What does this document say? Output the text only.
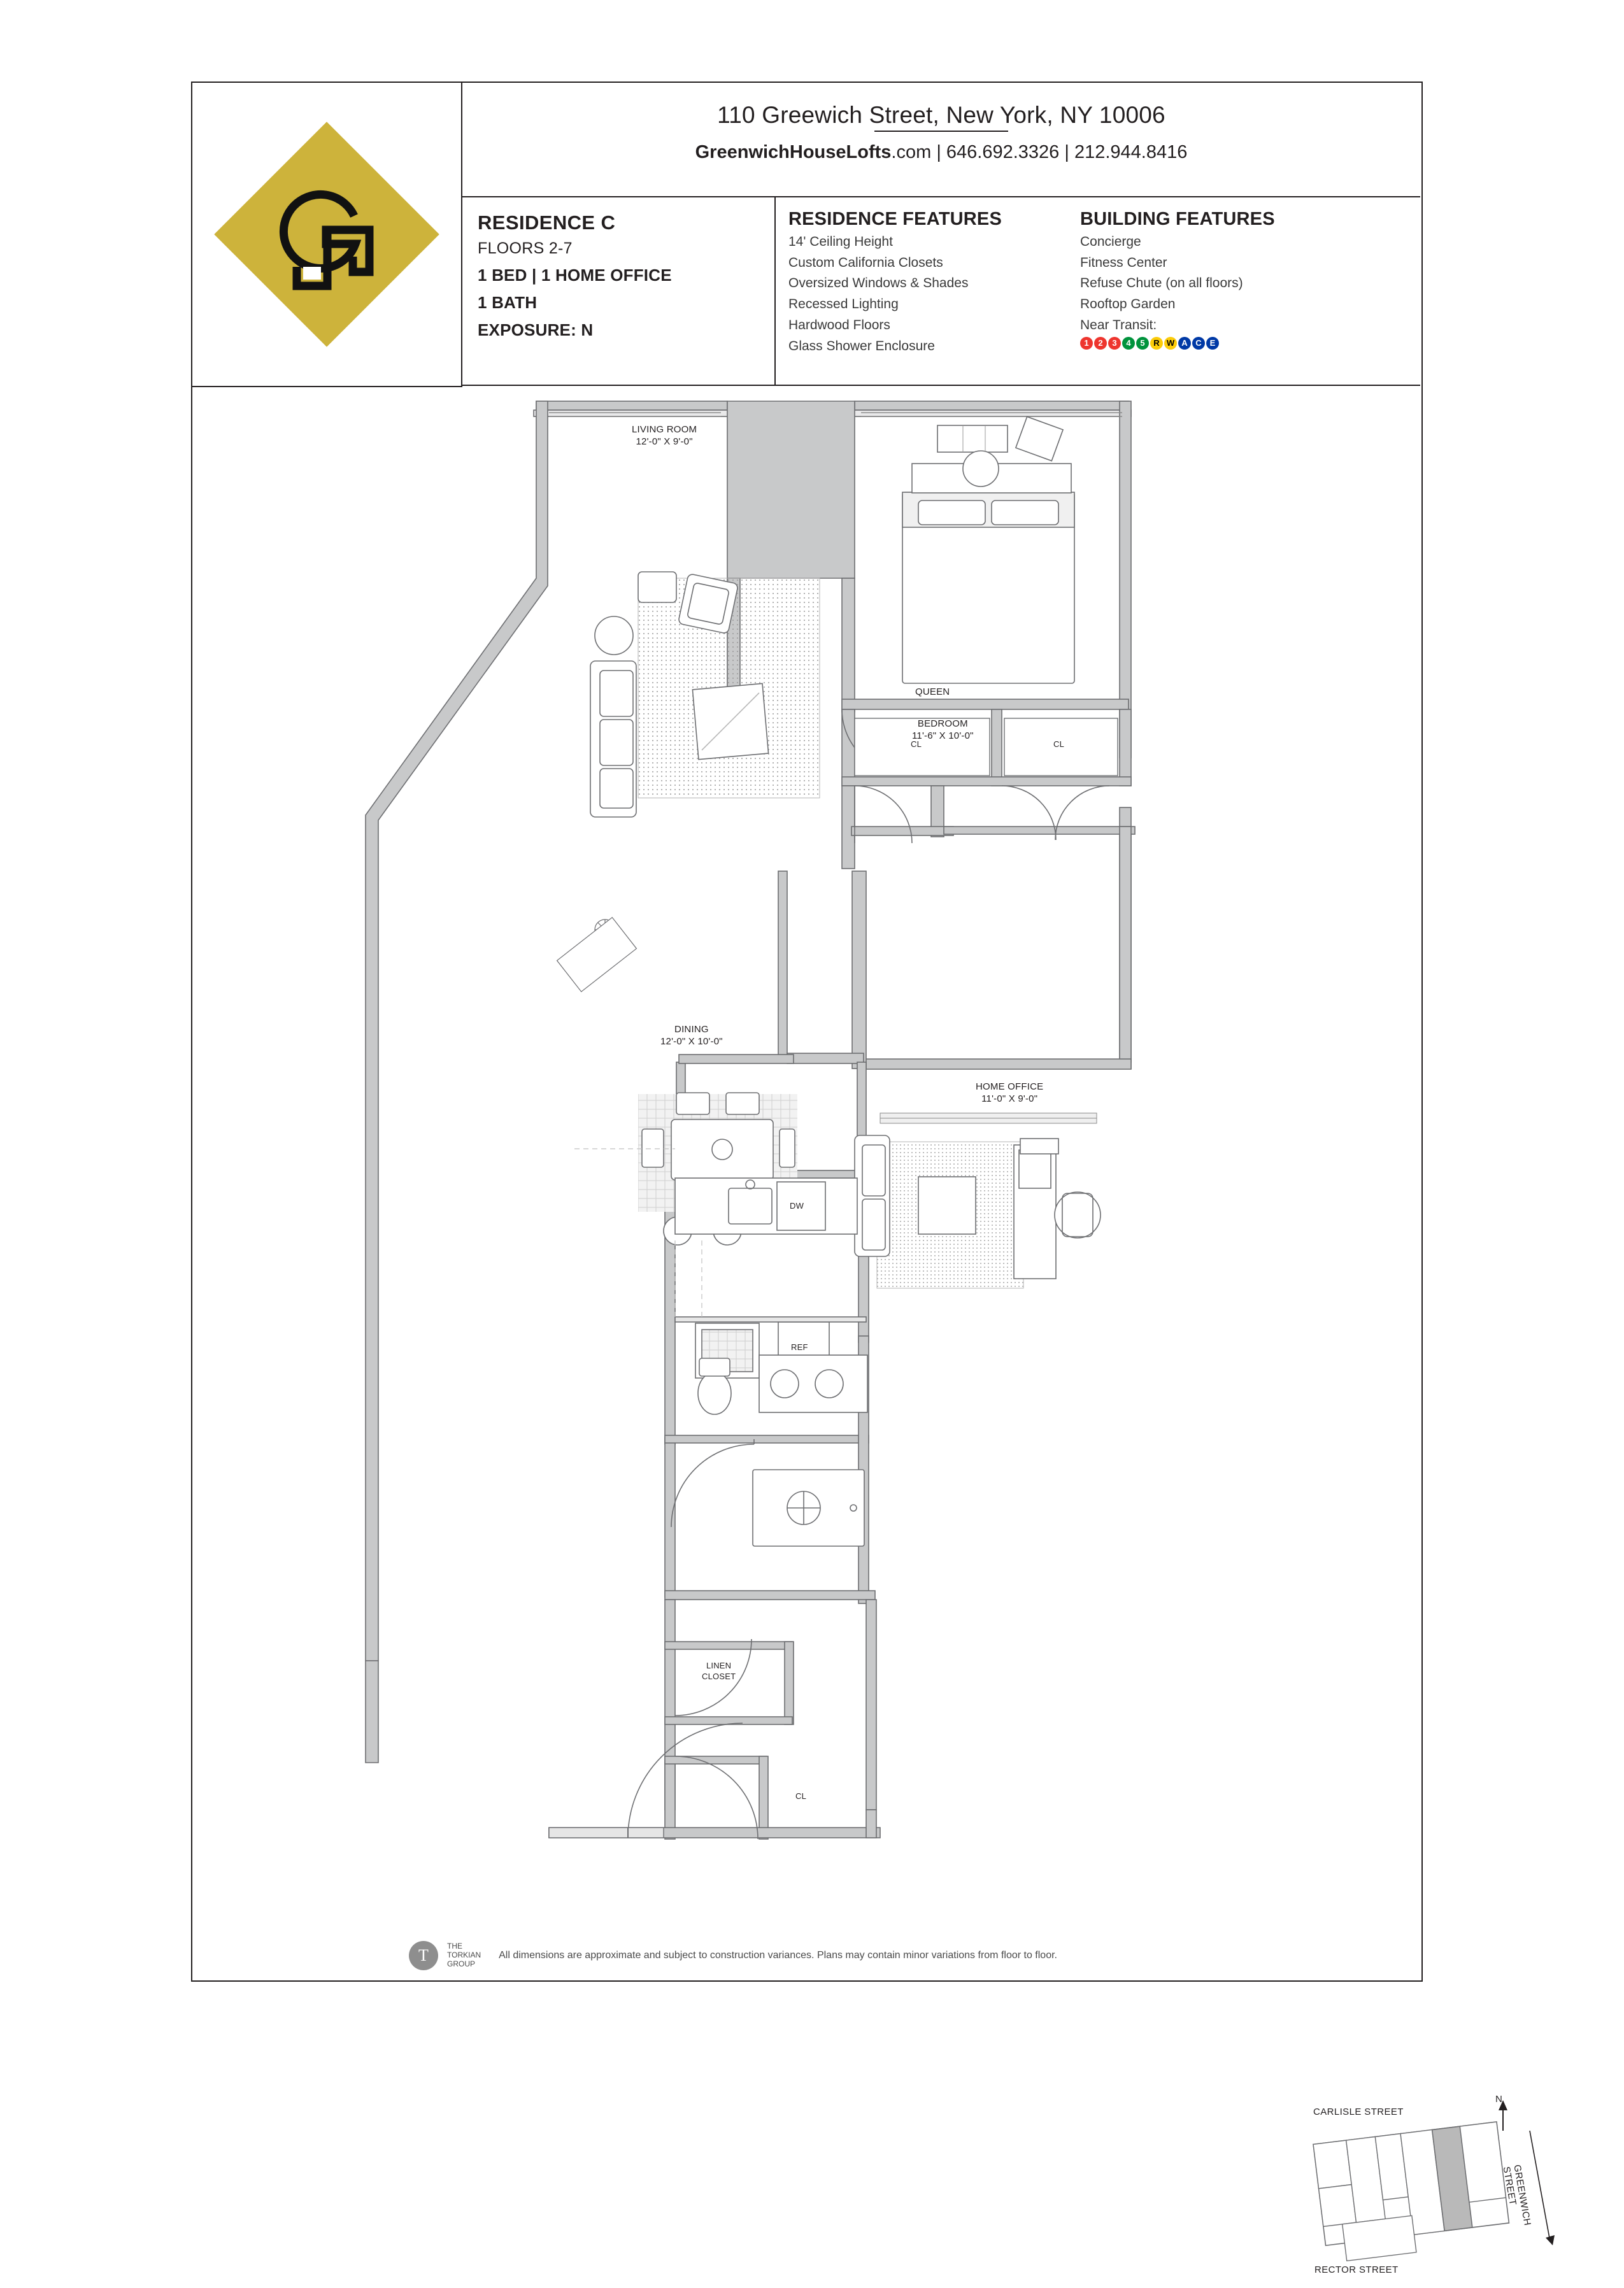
110 Greewich Street, New York, NY 10006
GreenwichHouseLofts.com | 646.692.3326 | 212.944.8416
RESIDENCE C
FLOORS 2-7
1 BED | 1 HOME OFFICE
1 BATH
EXPOSURE: N
RESIDENCE FEATURES
14' Ceiling Height
Custom California Closets
Oversized Windows & Shades
Recessed Lighting
Hardwood Floors
Glass Shower Enclosure
BUILDING FEATURES
Concierge
Fitness Center
Refuse Chute (on all floors)
Rooftop Garden
Near Transit:
1	2	3	4	5	R W A C E
LIVING ROOM
12'-0" X 9'-0"
DINING
12'-0" X 10'-0"
QUEEN
BEDROOM
11'-6" X 10'-0"
HOME OFFICE
11'-0" X 9'-0"
CL	CL
CL
DW
REF
LINEN
CLOSET
CARLISLE STREET
RECTOR STREET
GREENWICH STREET
N
T THE
TORKIAN
GROUP
All dimensions are approximate and subject to construction variances. Plans may contain minor variations from floor to floor.
